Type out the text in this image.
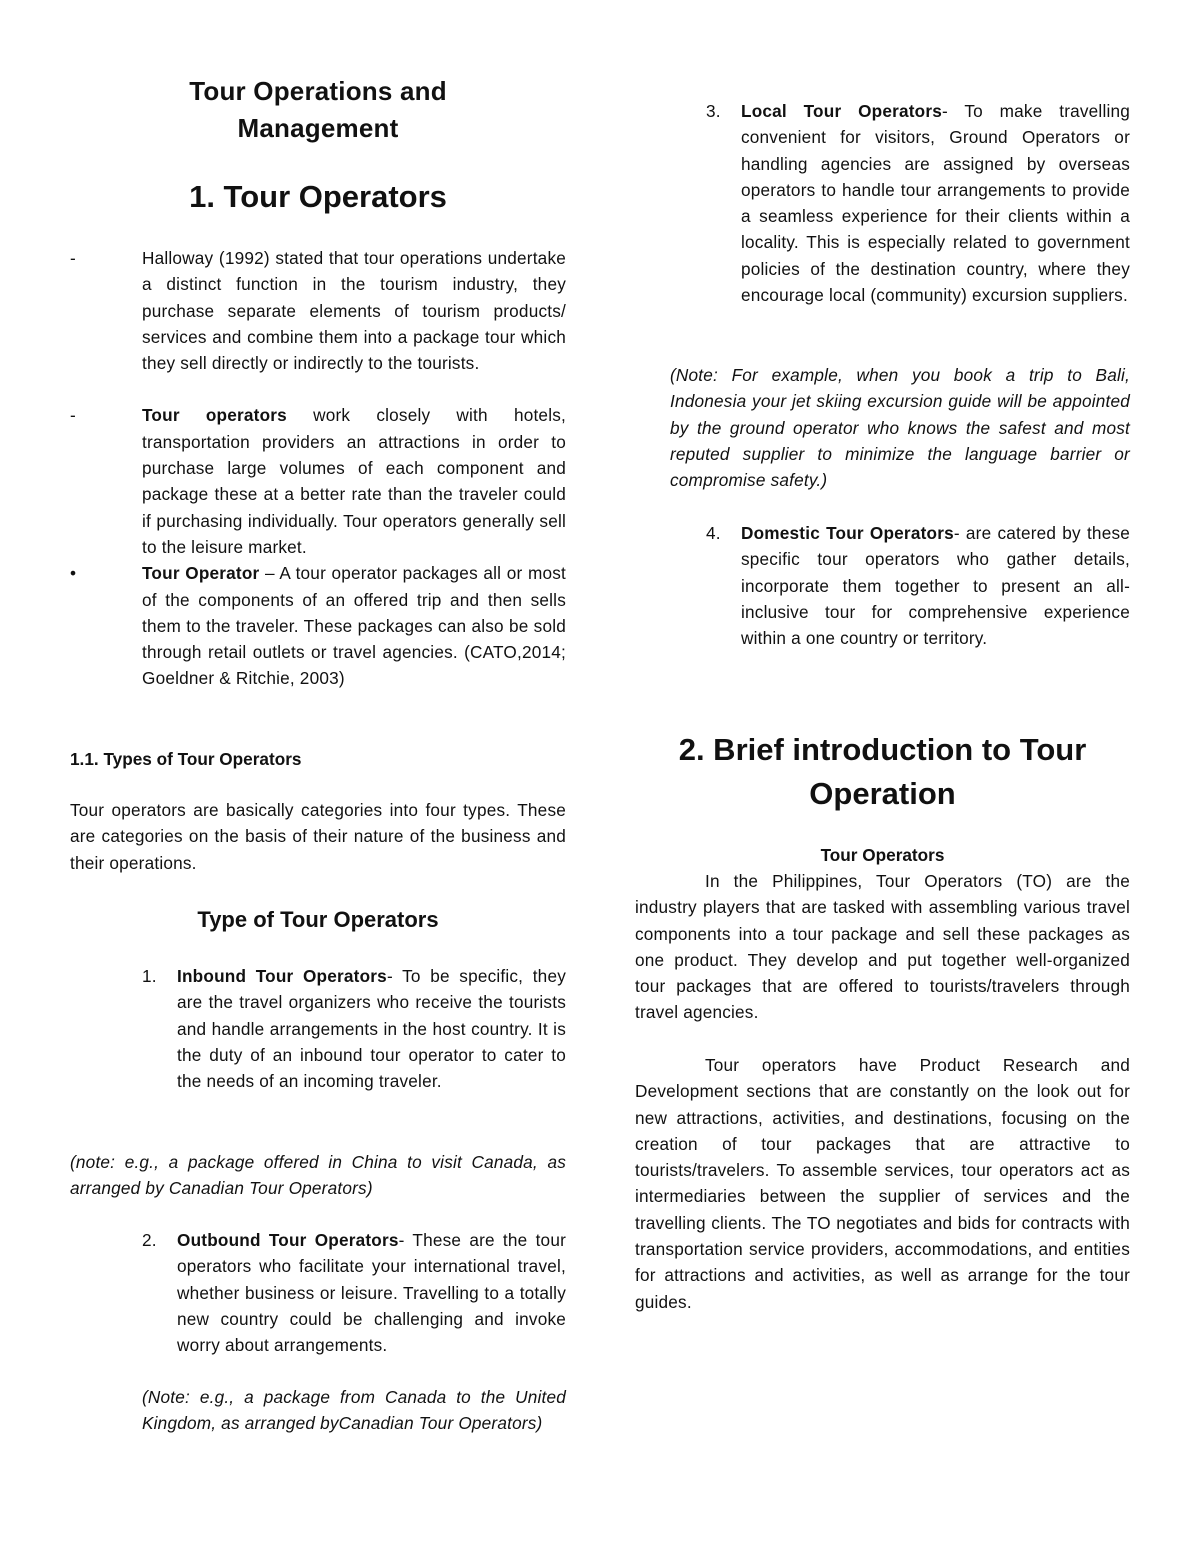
Tour Operations and Management
1. Tour Operators

-	Halloway (1992) stated that tour operations undertake a distinct function in the tourism industry, they purchase separate elements of tourism products/ services and combine them into a package tour which they sell directly or indirectly to the tourists.

-	Tour operators work closely with hotels, transportation providers an attractions in order to purchase large volumes of each component and package these at a better rate than the traveler could if purchasing individually. Tour operators generally sell to the leisure market.

•	Tour Operator – A tour operator packages all or most of the components of an offered trip and then sells them to the traveler. These packages can also be sold through retail outlets or travel agencies. (CATO,2014; Goeldner & Ritchie, 2003)

1.1. Types of Tour Operators

Tour operators are basically categories into four types. These are categories on the basis of their nature of the business and their operations.

Type of Tour Operators

1. Inbound Tour Operators- To be specific, they are the travel organizers who receive the tourists and handle arrangements in the host country. It is the duty of an inbound tour operator to cater to the needs of an incoming traveler.

(note: e.g., a package offered in China to visit Canada, as arranged by Canadian Tour Operators)

2. Outbound Tour Operators- These are the tour operators who facilitate your international travel, whether business or leisure. Travelling to a totally new country could be challenging and invoke worry about arrangements.

(Note: e.g., a package from Canada to the United Kingdom, as arranged byCanadian Tour Operators)

3. Local Tour Operators- To make travelling convenient for visitors, Ground Operators or handling agencies are assigned by overseas operators to handle tour arrangements to provide a seamless experience for their clients within a locality. This is especially related to government policies of the destination country, where they encourage local (community) excursion suppliers.

(Note: For example, when you book a trip to Bali, Indonesia your jet skiing excursion guide will be appointed by the ground operator who knows the safest and most reputed supplier to minimize the language barrier or compromise safety.)

4. Domestic Tour Operators- are catered by these specific tour operators who gather details, incorporate them together to present an all- inclusive tour for comprehensive experience within a one country or territory.

2. Brief introduction to Tour Operation
Tour Operators

In the Philippines, Tour Operators (TO) are the industry players that are tasked with assembling various travel components into a tour package and sell these packages as one product. They develop and put together well-organized tour packages that are offered to tourists/travelers through travel agencies.

Tour operators have Product Research and Development sections that are constantly on the look out for new attractions, activities, and destinations, focusing on the creation of tour packages that are attractive to tourists/travelers. To assemble services, tour operators act as intermediaries between the supplier of services and the travelling clients. The TO negotiates and bids for contracts with transportation service providers, accommodations, and entities for attractions and activities, as well as arrange for the tour guides.
